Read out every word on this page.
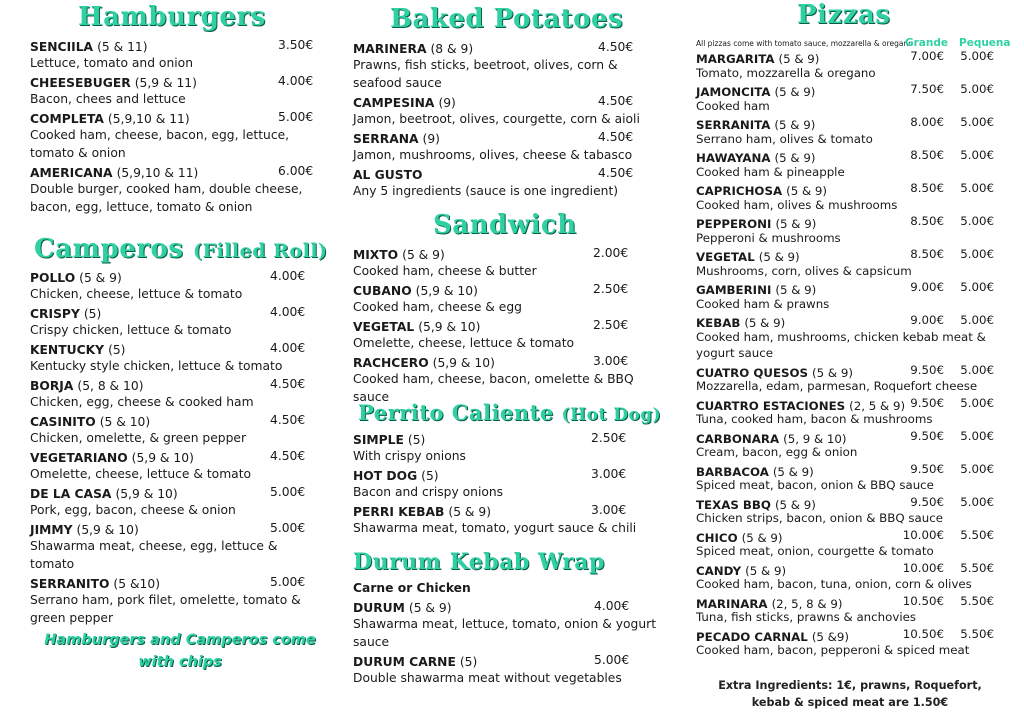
Hamburgers
SENCIILA (5 & 11)	3.50€
Lettuce, tomato and onion
CHEESEBUGER (5,9 & 11)	4.00€
Bacon, chees and lettuce
COMPLETA (5,9,10 & 11)	5.00€
Cooked ham, cheese, bacon, egg, lettuce, tomato & onion
AMERICANA (5,9,10 & 11)	6.00€
Double burger, cooked ham, double cheese, bacon, egg, lettuce, tomato & onion
Camperos (Filled Roll)
POLLO (5 & 9)	4.00€
Chicken, cheese, lettuce & tomato
CRISPY (5)	4.00€
Crispy chicken, lettuce & tomato
KENTUCKY (5)	4.00€
Kentucky style chicken, lettuce & tomato
BORJA (5, 8 & 10)	4.50€
Chicken, egg, cheese & cooked ham
CASINITO (5 & 10)	4.50€
Chicken, omelette, & green pepper
VEGETARIANO (5,9 & 10)	4.50€
Omelette, cheese, lettuce & tomato
DE LA CASA (5,9 & 10)	5.00€
Pork, egg, bacon, cheese & onion
JIMMY (5,9 & 10)	5.00€
Shawarma meat, cheese, egg, lettuce & tomato
SERRANITO (5 &10)	5.00€
Serrano ham, pork filet, omelette, tomato & green pepper
Hamburgers and Camperos come with chips
Baked Potatoes
MARINERA (8 & 9)	4.50€
Prawns, fish sticks, beetroot, olives, corn & seafood sauce
CAMPESINA (9)	4.50€
Jamon, beetroot, olives, courgette, corn & aioli
SERRANA (9)	4.50€
Jamon, mushrooms, olives, cheese & tabasco
AL GUSTO	4.50€
Any 5 ingredients (sauce is one ingredient)
Sandwich
MIXTO (5 & 9)	2.00€
Cooked ham, cheese & butter
CUBANO (5,9 & 10)	2.50€
Cooked ham, cheese & egg
VEGETAL (5,9 & 10)	2.50€
Omelette, cheese, lettuce & tomato
RACHCERO (5,9 & 10)	3.00€
Cooked ham, cheese, bacon, omelette & BBQ sauce
Perrito Caliente (Hot Dog)
SIMPLE (5)	2.50€
With crispy onions
HOT DOG (5)	3.00€
Bacon and crispy onions
PERRI KEBAB (5 & 9)	3.00€
Shawarma meat, tomato, yogurt sauce & chili
Durum Kebab Wrap
Carne or Chicken
DURUM (5 & 9)	4.00€
Shawarma meat, lettuce, tomato, onion & yogurt sauce
DURUM CARNE (5)	5.00€
Double shawarma meat without vegetables
Pizzas
All pizzas come with tomato sauce, mozzarella & oregano
Grande Pequena
MARGARITA (5 & 9)	7.00€ 5.00€
Tomato, mozzarella & oregano
JAMONCITA (5 & 9)	7.50€ 5.00€
Cooked ham
SERRANITA (5 & 9)	8.00€ 5.00€
Serrano ham, olives & tomato
HAWAYANA (5 & 9)	8.50€ 5.00€
Cooked ham & pineapple
CAPRICHOSA (5 & 9)	8.50€ 5.00€
Cooked ham, olives & mushrooms
PEPPERONI (5 & 9)	8.50€ 5.00€
Pepperoni & mushrooms
VEGETAL (5 & 9)	8.50€ 5.00€
Mushrooms, corn, olives & capsicum
GAMBERINI (5 & 9)	9.00€ 5.00€
Cooked ham & prawns
KEBAB (5 & 9)	9.00€ 5.00€
Cooked ham, mushrooms, chicken kebab meat & yogurt sauce
CUATRO QUESOS (5 & 9)	9.50€ 5.00€
Mozzarella, edam, parmesan, Roquefort cheese
CUARTRO ESTACIONES (2, 5 & 9) 9.50€ 5.00€
Tuna, cooked ham, bacon & mushrooms
CARBONARA (5, 9 & 10)	9.50€ 5.00€
Cream, bacon, egg & onion
BARBACOA (5 & 9)	9.50€ 5.00€
Spiced meat, bacon, onion & BBQ sauce
TEXAS BBQ (5 & 9)	9.50€ 5.00€
Chicken strips, bacon, onion & BBQ sauce
CHICO (5 & 9)	10.00€ 5.50€
Spiced meat, onion, courgette & tomato
CANDY (5 & 9)	10.00€ 5.50€
Cooked ham, bacon, tuna, onion, corn & olives
MARINARA (2, 5, 8 & 9)	10.50€ 5.50€
Tuna, fish sticks, prawns & anchovies
PECADO CARNAL (5 &9)	10.50€ 5.50€
Cooked ham, bacon, pepperoni & spiced meat
Extra Ingredients: 1€, prawns, Roquefort, kebab & spiced meat are 1.50€
